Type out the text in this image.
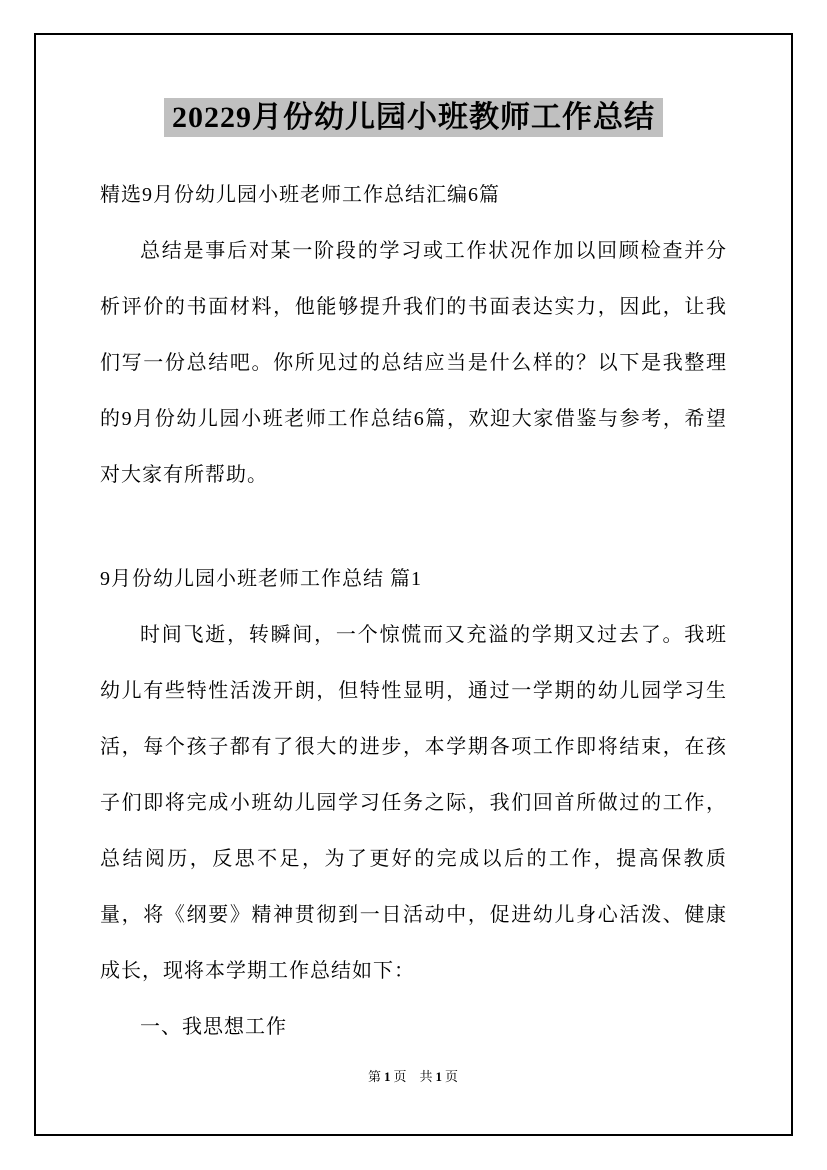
20229月份幼儿园小班教师工作总结

精选9月份幼儿园小班老师工作总结汇编6篇

总结是事后对某一阶段的学习或工作状况作加以回顾检查并分析评价的书面材料，他能够提升我们的书面表达实力，因此，让我们写一份总结吧。你所见过的总结应当是什么样的？以下是我整理的9月份幼儿园小班老师工作总结6篇，欢迎大家借鉴与参考，希望对大家有所帮助。

9月份幼儿园小班老师工作总结 篇1

时间飞逝，转瞬间，一个惊慌而又充溢的学期又过去了。我班幼儿有些特性活泼开朗，但特性显明，通过一学期的幼儿园学习生活，每个孩子都有了很大的进步，本学期各项工作即将结束，在孩子们即将完成小班幼儿园学习任务之际，我们回首所做过的工作，总结阅历，反思不足，为了更好的完成以后的工作，提高保教质量，将《纲要》精神贯彻到一日活动中，促进幼儿身心活泼、健康成长，现将本学期工作总结如下：

一、我思想工作

第 1 页 共 1 页
